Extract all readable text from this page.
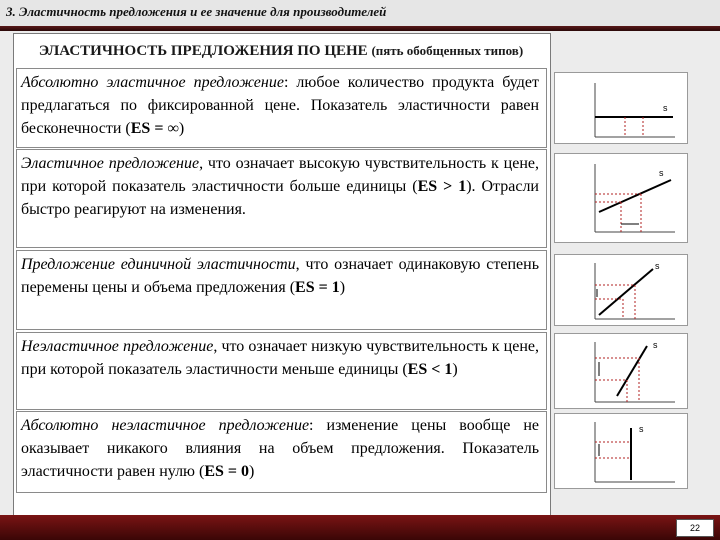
3. Эластичность предложения и ее значение для производителей
ЭЛАСТИЧНОСТЬ ПРЕДЛОЖЕНИЯ ПО ЦЕНЕ (пять обобщенных типов)
Абсолютно эластичное предложение: любое количество продукта будет предлагаться по фиксированной цене. Показатель эластичности равен бесконечности (ES = ∞)
s
Эластичное предложение, что означает высокую чувствительность к цене, при которой показатель эластичности больше единицы (ES > 1). Отрасли быстро реагируют на изменения.
s
Предложение единичной эластичности, что означает одинаковую степень перемены цены и объема предложения (ES = 1)
s
Неэластичное предложение, что означает низкую чувствительность к цене, при которой показатель эластичности меньше единицы (ES < 1)
s
Абсолютно неэластичное предложение: изменение цены вообще не оказывает никакого влияния на объем предложения. Показатель эластичности равен нулю (ES = 0)
s
22
